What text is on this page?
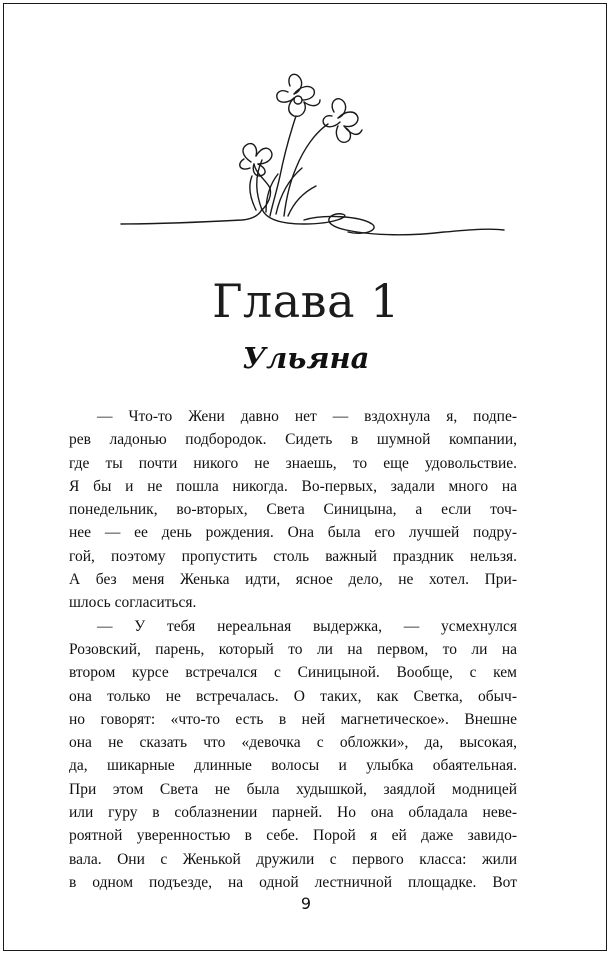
Глава 1
Ульяна
— Что-то Жени давно нет — вздохнула я, подпе-
рев ладонью подбородок. Сидеть в шумной компании,
где ты почти никого не знаешь, то еще удовольствие.
Я бы и не пошла никогда. Во-первых, задали много на
понедельник, во-вторых, Света Синицына, а если точ-
нее — ее день рождения. Она была его лучшей подру-
гой, поэтому пропустить столь важный праздник нельзя.
А без меня Женька идти, ясное дело, не хотел. При-
шлось согласиться.
— У тебя нереальная выдержка, — усмехнулся
Розовский, парень, который то ли на первом, то ли на
втором курсе встречался с Синицыной. Вообще, с кем
она только не встречалась. О таких, как Светка, обыч-
но говорят: «что-то есть в ней магнетическое». Внешне
она не сказать что «девочка с обложки», да, высокая,
да, шикарные длинные волосы и улыбка обаятельная.
При этом Света не была худышкой, заядлой модницей
или гуру в соблазнении парней. Но она обладала неве-
роятной уверенностью в себе. Порой я ей даже завидо-
вала. Они с Женькой дружили с первого класса: жили
в одном подъезде, на одной лестничной площадке. Вот
9
